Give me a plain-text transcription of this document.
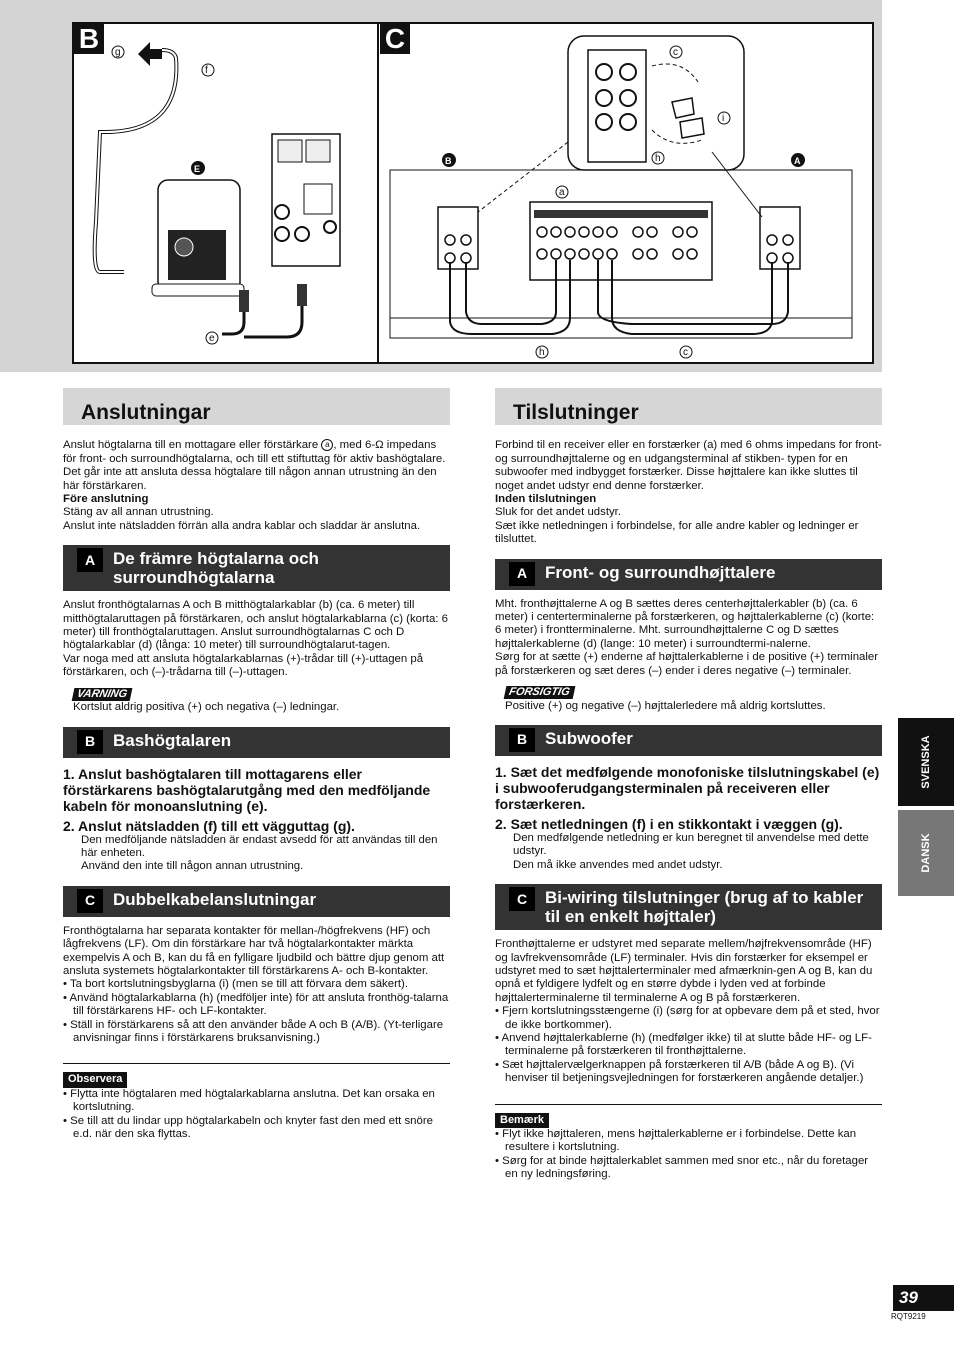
B	C
g
f
e
E
c
i
h
a
B	A
h	c
Anslutningar

Anslut högtalarna till en mottagare eller förstärkare a , med 6-Ω impedans för front- och surroundhögtalarna, och till ett stiftuttag för aktiv bashögtalare. Det går inte att ansluta dessa högtalare till någon annan utrustning än den här förstärkaren.

Före anslutning

Stäng av all annan utrustning.

Anslut inte nätsladden förrän alla andra kablar och sladdar är anslutna.

A	De främre högtalarna och surroundhögtalarna

Anslut fronthögtalarnas A och B mitthögtalarkablar (b) (ca. 6 meter) till mitthögtalaruttagen på förstärkaren, och anslut högtalarkablarna (c) (korta: 6 meter) till fronthögtalaruttagen. Anslut surroundhögtalarnas C och D högtalarkablar (d) (långa: 10 meter) till surroundhögtalarut-tagen.

Var noga med att ansluta högtalarkablarnas (+)-trådar till (+)-uttagen på förstärkaren, och (–)-trådarna till (–)-uttagen.

VARNING

Kortslut aldrig positiva (+) och negativa (–) ledningar.

B	Bashögtalaren

1. Anslut bashögtalaren till mottagarens eller förstärkarens bashögtalarutgång med den medföljande kabeln för monoanslutning (e).

2. Anslut nätsladden (f) till ett vägguttag (g).

Den medföljande nätsladden är endast avsedd för att användas till den här enheten.

Använd den inte till någon annan utrustning.

C	Dubbelkabelanslutningar

Fronthögtalarna har separata kontakter för mellan-/högfrekvens (HF) och lågfrekvens (LF). Om din förstärkare har två högtalarkontakter märkta exempelvis A och B, kan du få en fylligare ljudbild och bättre djup genom att ansluta systemets högtalarkontakter till förstärkarens A- och B-kontakter.

• Ta bort kortslutningsbyglarna (i) (men se till att förvara dem säkert).
• Använd högtalarkablarna (h) (medföljer inte) för att ansluta fronthög-talarna till förstärkarens HF- och LF-kontakter.
• Ställ in förstärkarens så att den använder både A och B (A/B). (Yt-terligare anvisningar finns i förstärkarens bruksanvisning.)
Observera
• Flytta inte högtalaren med högtalarkablarna anslutna. Det kan orsaka en kortslutning.
• Se till att du lindar upp högtalarkabeln och knyter fast den med ett snöre e.d. när den ska flyttas.
Tilslutninger

Forbind til en receiver eller en forstærker (a) med 6 ohms impedans for front- og surroundhøjttalerne og en udgangsterminal af stikben- typen for en subwoofer med indbygget forstærker. Disse højttalere kan ikke sluttes til noget andet udstyr end denne forstærker.

Inden tilslutningen

Sluk for det andet udstyr.

Sæt ikke netledningen i forbindelse, for alle andre kabler og ledninger er tilsluttet.

A	Front- og surroundhøjttalere

Mht. fronthøjttalerne A og B sættes deres centerhøjttalerkabler (b) (ca. 6 meter) i centerterminalerne på forstærkeren, og højttalerkablerne (c) (korte: 6 meter) i frontterminalerne. Mht. surroundhøjttalerne C og D sættes højttalerkablerne (d) (lange: 10 meter) i surroundtermi-nalerne.

Sørg for at sætte (+) enderne af højttalerkablerne i de positive (+) terminaler på forstærkeren og sæt deres (–) ender i deres negative (–) terminaler.

FORSIGTIG

Positive (+) og negative (–) højttalerledere må aldrig kortsluttes.

B	Subwoofer

1. Sæt det medfølgende monofoniske tilslutningskabel (e) i subwooferudgangsterminalen på receiveren eller forstærkeren.

2. Sæt netledningen (f) i en stikkontakt i væggen (g).

Den medfølgende netledning er kun beregnet til anvendelse med dette udstyr.

Den må ikke anvendes med andet udstyr.

C	Bi-wiring tilslutninger (brug af to kabler til en enkelt højttaler)

Fronthøjttalerne er udstyret med separate mellem/højfrekvensområde (HF) og lavfrekvensområde (LF) terminaler. Hvis din forstærker for eksempel er udstyret med to sæt højttalerterminaler med afmærknin-gen A og B, kan du opnå et fyldigere lydfelt og en større dybde i lyden ved at forbinde højttalerterminalerne til terminalerne A og B på forstærkeren.

• Fjern kortslutningsstængerne (i) (sørg for at opbevare dem på et sted, hvor de ikke bortkommer).
• Anvend højttalerkablerne (h) (medfølger ikke) til at slutte både HF- og LF-terminalerne på forstærkeren til fronthøjttalerne.
• Sæt højttalervælgerknappen på forstærkeren til A/B (både A og B). (Vi henviser til betjeningsvejledningen for forstærkeren angående detaljer.)
Bemærk
• Flyt ikke højttaleren, mens højttalerkablerne er i forbindelse. Dette kan resultere i kortslutning.
• Sørg for at binde højttalerkablet sammen med snor etc., når du foretager en ny ledningsføring.
SVENSKA
DANSK
39
RQT9219
